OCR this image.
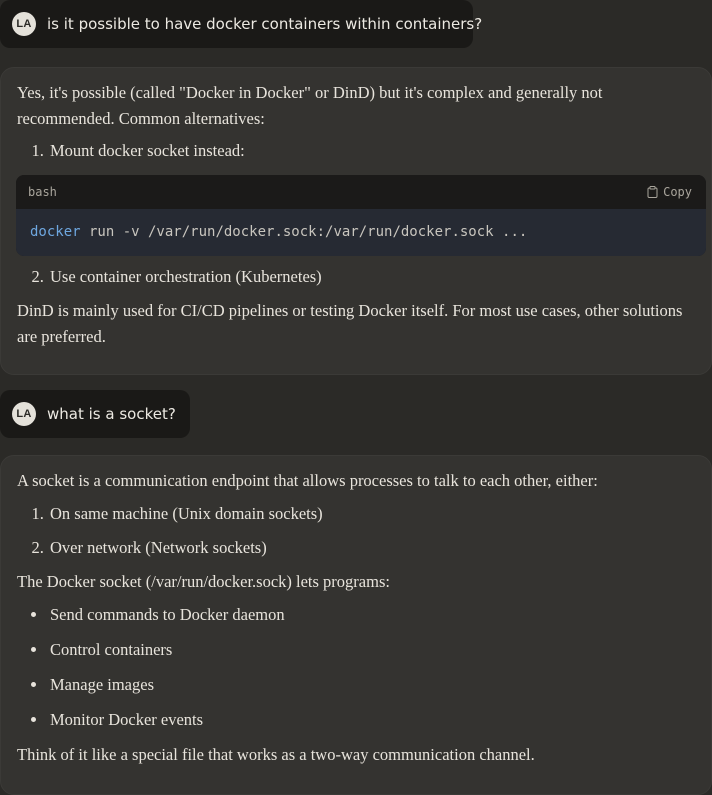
LA is it possible to have docker containers within containers?

Yes, it's possible (called "Docker in Docker" or DinD) but it's complex and generally not recommended. Common alternatives:

1. Mount docker socket instead:
bash	Copy
docker run -v /var/run/docker.sock:/var/run/docker.sock ...
2. Use container orchestration (Kubernetes)

DinD is mainly used for CI/CD pipelines or testing Docker itself. For most use cases, other solutions are preferred.

LA what is a socket?

A socket is a communication endpoint that allows processes to talk to each other, either:

1. On same machine (Unix domain sockets)
2. Over network (Network sockets)

The Docker socket (/var/run/docker.sock) lets programs:

• Send commands to Docker daemon
• Control containers
• Manage images
• Monitor Docker events

Think of it like a special file that works as a two-way communication channel.
